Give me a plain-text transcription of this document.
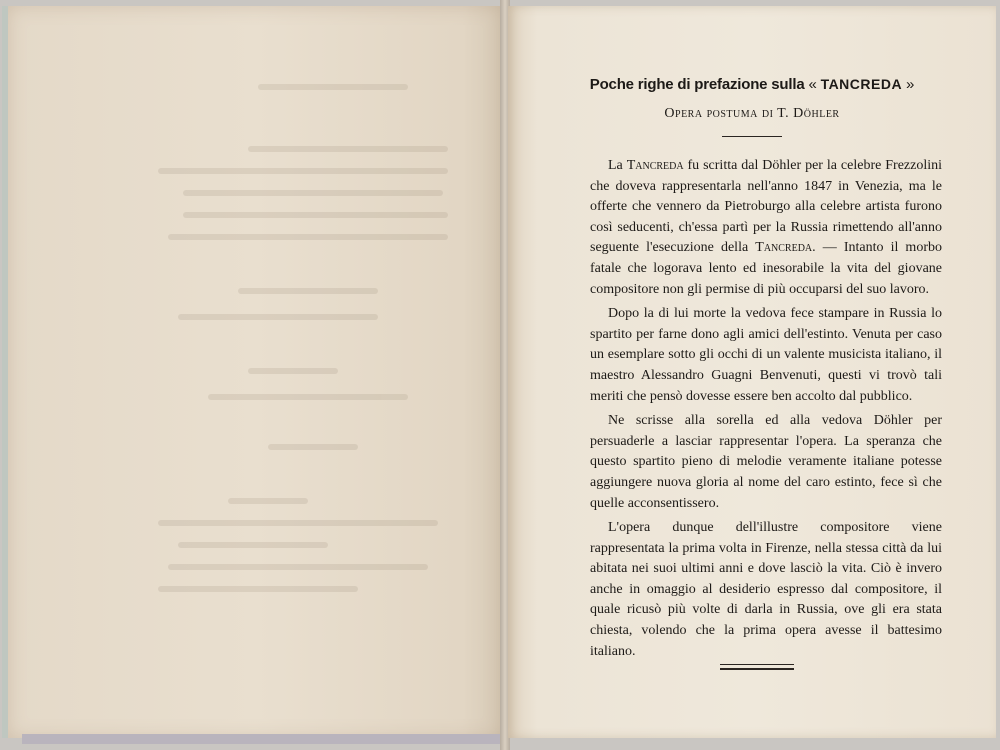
Poche righe di prefazione sulla « TANCREDA »
Opera postuma di T. Döhler

La Tancreda fu scritta dal Döhler per la celebre Frezzolini che doveva rappresentarla nell'anno 1847 in Venezia, ma le offerte che vennero da Pietroburgo alla celebre artista furono così seducenti, ch'essa partì per la Russia rimettendo all'anno seguente l'esecuzione della Tancreda. — Intanto il morbo fatale che logorava lento ed inesorabile la vita del giovane compositore non gli permise di più occuparsi del suo lavoro.

Dopo la di lui morte la vedova fece stampare in Russia lo spartito per farne dono agli amici dell'estinto. Venuta per caso un esemplare sotto gli occhi di un valente musicista italiano, il maestro Alessandro Guagni Benvenuti, questi vi trovò tali meriti che pensò dovesse essere ben accolto dal pubblico.

Ne scrisse alla sorella ed alla vedova Döhler per persuaderle a lasciar rappresentar l'opera. La speranza che questo spartito pieno di melodie veramente italiane potesse aggiungere nuova gloria al nome del caro estinto, fece sì che quelle acconsentissero.

L'opera dunque dell'illustre compositore viene rappresentata la prima volta in Firenze, nella stessa città da lui abitata nei suoi ultimi anni e dove lasciò la vita. Ciò è invero anche in omaggio al desiderio espresso dal compositore, il quale ricusò più volte di darla in Russia, ove gli era stata chiesta, volendo che la prima opera avesse il battesimo italiano.
